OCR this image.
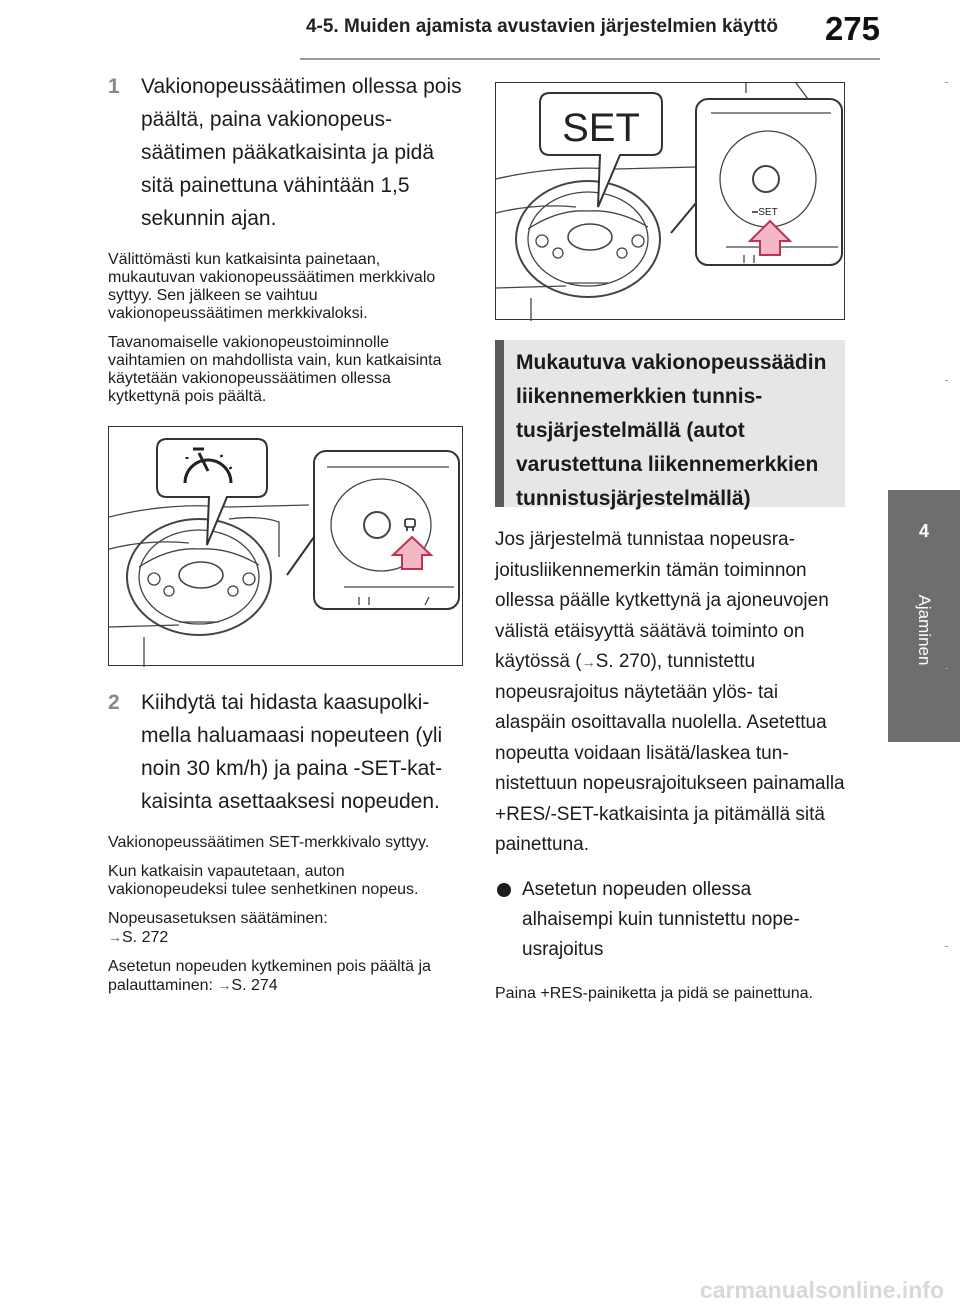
4-5. Muiden ajamista avustavien järjestelmien käyttö 275
4
Ajaminen
1 Vakionopeussäätimen ollessa pois päältä, paina vakionopeussäätimen pääkatkaisinta ja pidä sitä painettuna vähintään 1,5 sekunnin ajan.
Välittömästi kun katkaisinta painetaan, mukautuvan vakionopeussäätimen merkkivalo syttyy. Sen jälkeen se vaihtuu vakionopeussäätimen merkkivaloksi.
Tavanomaiselle vakionopeustoiminnolle vaihtamien on mahdollista vain, kun katkaisinta käytetään vakionopeussäätimen ollessa kytkettynä pois päältä.
2 Kiihdytä tai hidasta kaasupolkimella haluamaasi nopeuteen (yli noin 30 km/h) ja paina -SET-katkaisinta asettaaksesi nopeuden.
Vakionopeussäätimen SET-merkkivalo syttyy.
Kun katkaisin vapautetaan, auton vakionopeudeksi tulee senhetkinen nopeus.
Nopeusasetuksen säätäminen:
→S. 272
Asetetun nopeuden kytkeminen pois päältä ja palauttaminen: →S. 274
SET
SET
Mukautuva vakionopeussäädin liikennemerkkien tunnistusjärjestelmällä (autot varustettuna liikennemerkkien tunnistusjärjestelmällä)
Jos järjestelmä tunnistaa nopeusrajoitusliikennemerkin tämän toiminnon ollessa päälle kytkettynä ja ajoneuvojen välistä etäisyyttä säätävä toiminto on käytössä (→S. 270), tunnistettu nopeusrajoitus näytetään ylös- tai alaspäin osoittavalla nuolella. Asetettua nopeutta voidaan lisätä/laskea tunnistettuun nopeusrajoitukseen painamalla +RES/-SET-katkaisinta ja pitämällä sitä painettuna.
Asetetun nopeuden ollessa alhaisempi kuin tunnistettu nopeusrajoitus
Paina +RES-painiketta ja pidä se painettuna.
carmanualsonline.info
